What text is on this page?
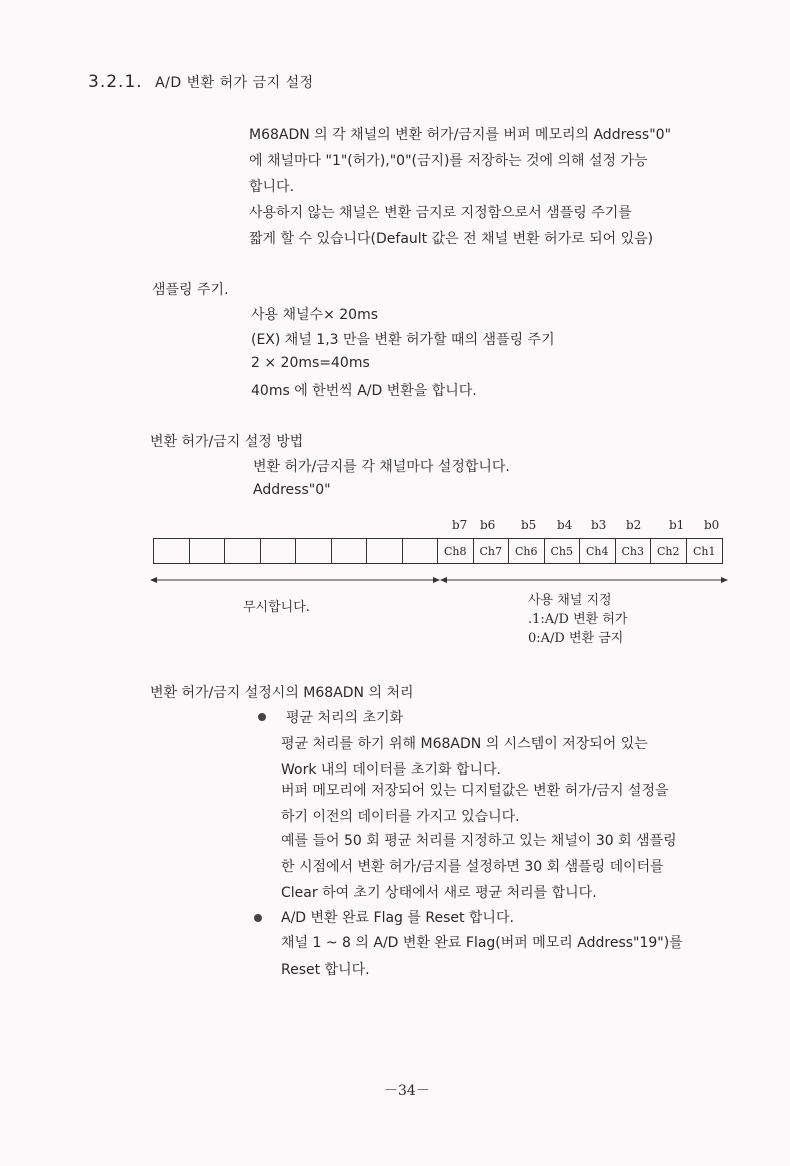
3.2.1. A/D 변환 허가 금지 설정
M68ADN 의 각 채널의 변환 허가/금지를 버퍼 메모리의 Address"0"
에 채널마다 "1"(허가),"0"(금지)를 저장하는 것에 의해 설정 가능
합니다.
사용하지 않는 채널은 변환 금지로 지정함으로서 샘플링 주기를
짧게 할 수 있습니다(Default 값은 전 채널 변환 허가로 되어 있음)
샘플링 주기.
사용 채널수× 20ms
(EX) 채널 1,3 만을 변환 허가할 때의 샘플링 주기
2 × 20ms=40ms
40ms 에 한번씩 A/D 변환을 합니다.
변환 허가/금지 설정 방법
변환 허가/금지를 각 채널마다 설정합니다.
Address"0"
b7 b6 b5 b4 b3 b2 b1 b0
Ch8	Ch7	Ch6	Ch5	Ch4	Ch3	Ch2	Ch1
무시합니다.	사용 채널 지정
.1:A/D 변환 허가
0:A/D 변환 금지
변환 허가/금지 설정시의 M68ADN 의 처리
평균 처리의 초기화
평균 처리를 하기 위해 M68ADN 의 시스템이 저장되어 있는
Work 내의 데이터를 초기화 합니다.
버퍼 메모리에 저장되어 있는 디지털값은 변환 허가/금지 설정을
하기 이전의 데이터를 가지고 있습니다.
예를 들어 50 회 평균 처리를 지정하고 있는 채널이 30 회 샘플링
한 시점에서 변환 허가/금지를 설정하면 30 회 샘플링 데이터를
Clear 하여 초기 상태에서 새로 평균 처리를 합니다.
A/D 변환 완료 Flag 를 Reset 합니다.
채널 1 ~ 8 의 A/D 변환 완료 Flag(버퍼 메모리 Address"19")를
Reset 합니다.
－34－
